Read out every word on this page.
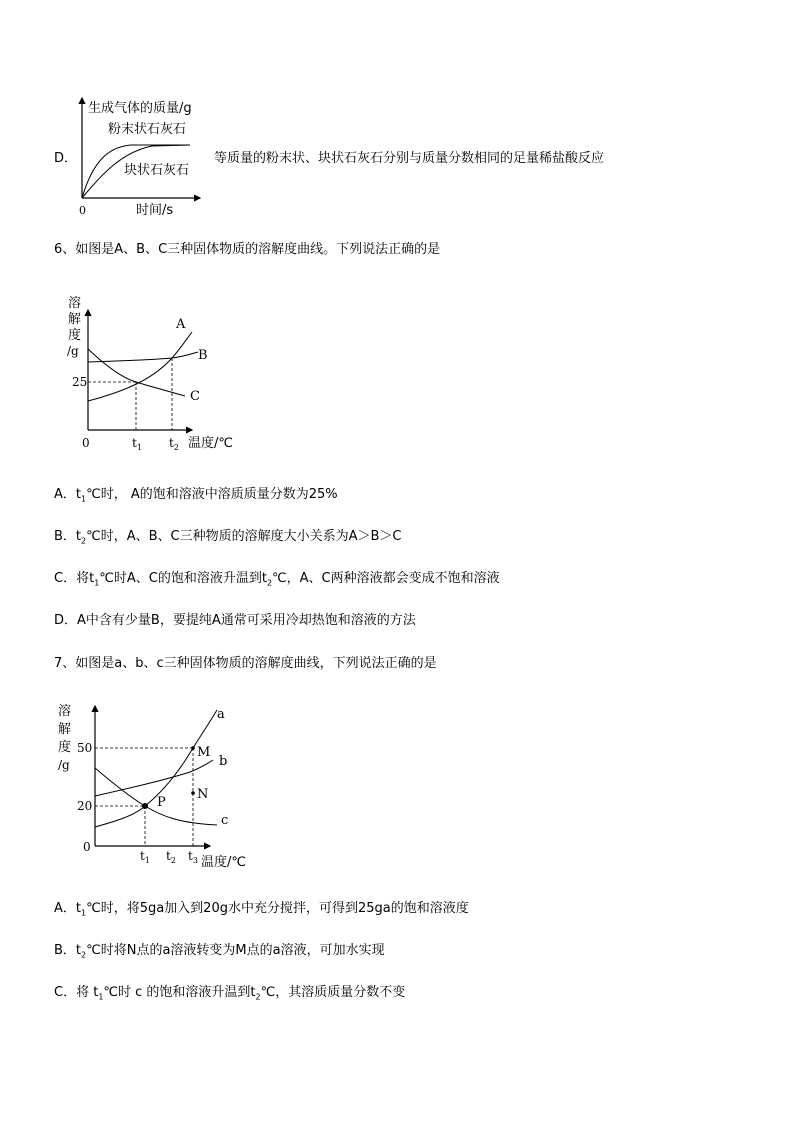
D．
生成气体的质量/g
粉末状石灰石
块状石灰石
0	时间/s
等质量的粉末状、块状石灰石分别与质量分数相同的足量稀盐酸反应
6、如图是A、B、C三种固体物质的溶解度曲线。下列说法正确的是
溶
解
度
/g
25
0	$t_1$ $t_2$ 温度/℃
A
B
C
A．$t_1℃$时， A的饱和溶液中溶质质量分数为25%
B．$t_2℃$时，A、B、C三种物质的溶解度大小关系为A＞B＞C
C．将$t_1℃$时A、C的饱和溶液升温到$t_2℃$，A、C两种溶液都会变成不饱和溶液
D．A中含有少量B，要提纯A通常可采用冷却热饱和溶液的方法
7、如图是a、b、c三种固体物质的溶解度曲线，下列说法正确的是
溶
解
度
/g
50
20
0
$t_1$ $t_2$ $t_3$ 温度/℃
a
b
c
M
N
P
A．$t_1℃$时，将5ga加入到20g水中充分搅拌，可得到25ga的饱和溶液度
B．$t_2℃$时将N点的a溶液转变为M点的a溶液，可加水实现
C．将 $t_1℃$时 c 的饱和溶液升温到$t_2℃$，其溶质质量分数不变
